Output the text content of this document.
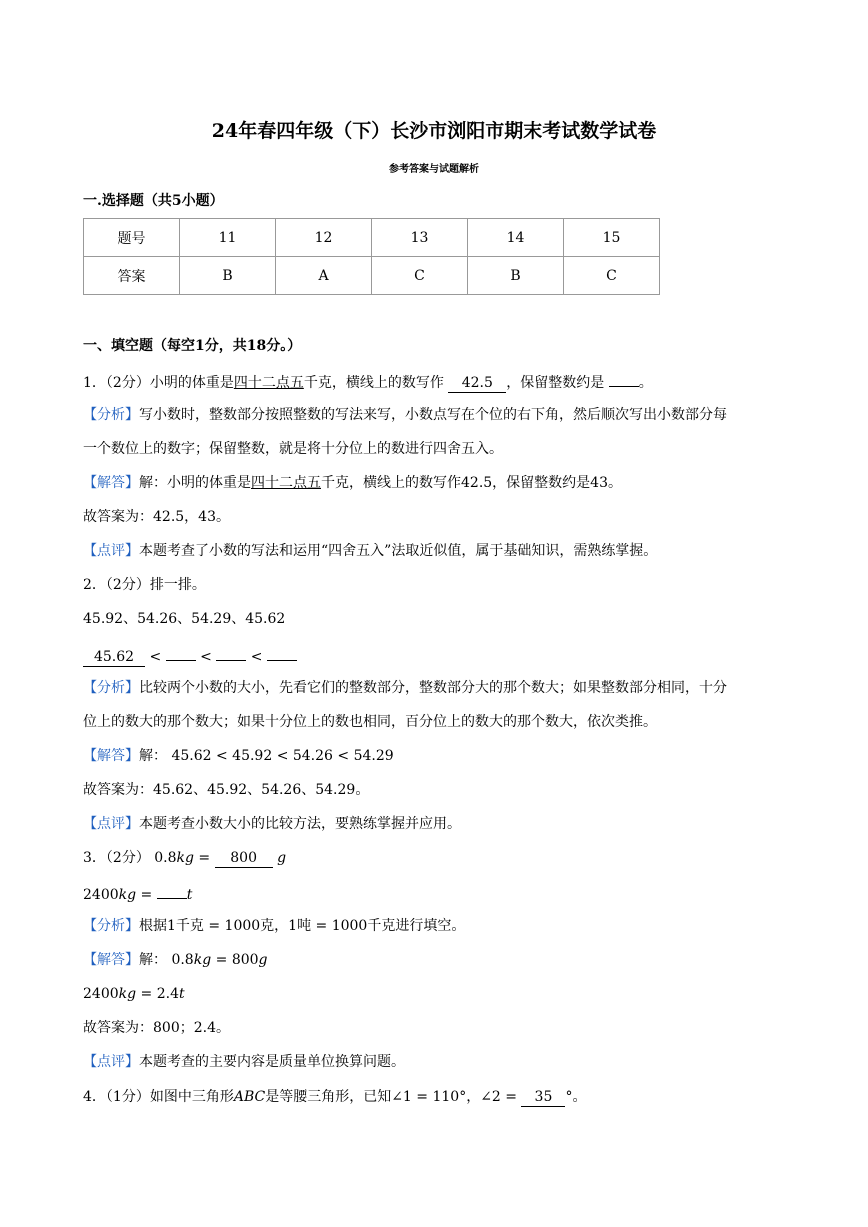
24年春四年级（下）长沙市浏阳市期末考试数学试卷
参考答案与试题解析
一.选择题（共5小题）
题号	11	12	13	14	15
答案	B	A	C	B	C
一、填空题（每空1分，共18分。）
1．（2分）小明的体重是四十二点五千克，横线上的数写作 42.5 ，保留整数约是 。
【分析】写小数时，整数部分按照整数的写法来写，小数点写在个位的右下角，然后顺次写出小数部分每
一个数位上的数字；保留整数，就是将十分位上的数进行四舍五入。
【解答】解：小明的体重是四十二点五千克，横线上的数写作42.5，保留整数约是43。
故答案为：42.5，43。
【点评】本题考查了小数的写法和运用“四舍五入”法取近似值，属于基础知识，需熟练掌握。
2．（2分）排一排。
45.92、54.26、54.29、45.62
45.62 <	<	<
【分析】比较两个小数的大小，先看它们的整数部分，整数部分大的那个数大；如果整数部分相同，十分
位上的数大的那个数大；如果十分位上的数也相同，百分位上的数大的那个数大，依次类推。
【解答】解： 45.62 < 45.92 < 54.26 < 54.29
故答案为：45.62、45.92、54.26、54.29。
【点评】本题考查小数大小的比较方法，要熟练掌握并应用。
3．（2分） 0.8kg = 800 g
2400kg = t
【分析】根据1千克 = 1000克，1吨 = 1000千克进行填空。
【解答】解： 0.8kg = 800g
2400kg = 2.4t
故答案为：800；2.4。
【点评】本题考查的主要内容是质量单位换算问题。
4．（1分）如图中三角形ABC是等腰三角形，已知∠1 = 110°，∠2 = 35 °。
